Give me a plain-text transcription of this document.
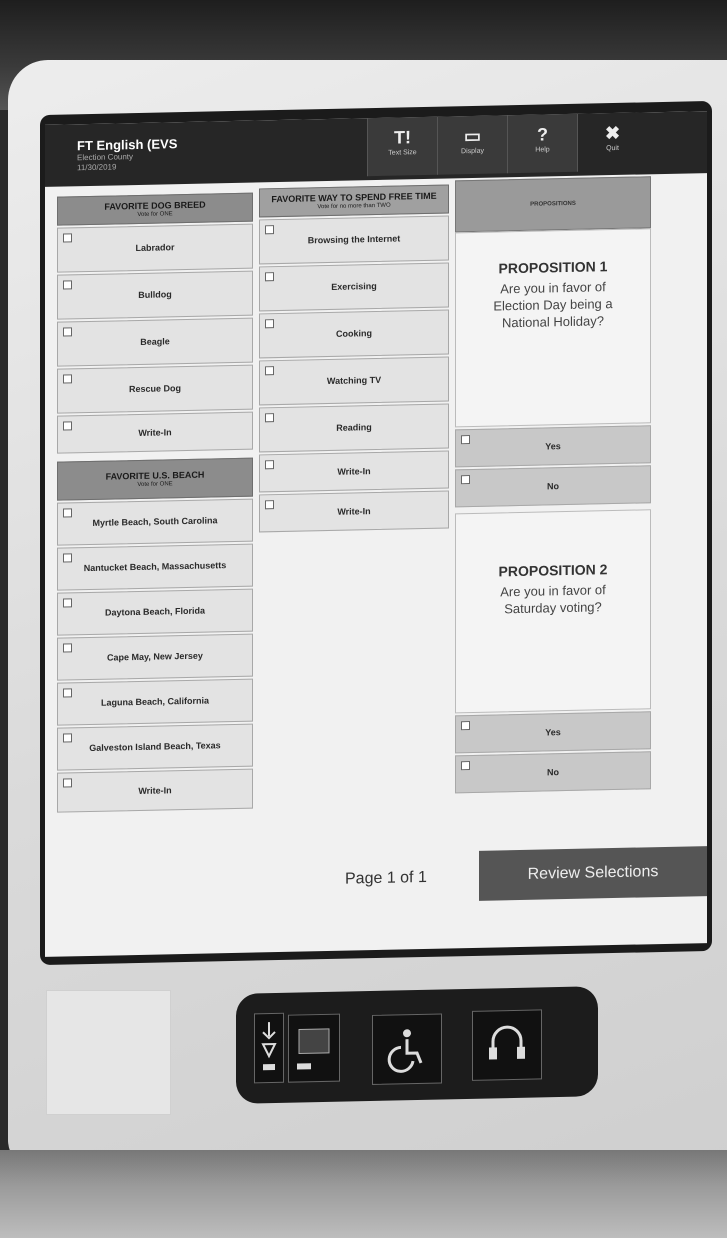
FT English (EVS
Election County
11/30/2019
T!
Text Size
▭
Display
?
Help
✖
Quit
FAVORITE DOG BREED
Vote for ONE
Labrador
Bulldog
Beagle
Rescue Dog
Write-In
FAVORITE U.S. BEACH
Vote for ONE
Myrtle Beach, South Carolina
Nantucket Beach, Massachusetts
Daytona Beach, Florida
Cape May, New Jersey
Laguna Beach, California
Galveston Island Beach, Texas
Write-In
FAVORITE WAY TO SPEND FREE TIME
Vote for no more than TWO
Browsing the Internet
Exercising
Cooking
Watching TV
Reading
Write-In
Write-In
PROPOSITIONS
PROPOSITION 1
Are you in favor of Election Day being a National Holiday?
Yes
No
PROPOSITION 2
Are you in favor of Saturday voting?
Yes
No
Page 1 of 1	Review Selections
